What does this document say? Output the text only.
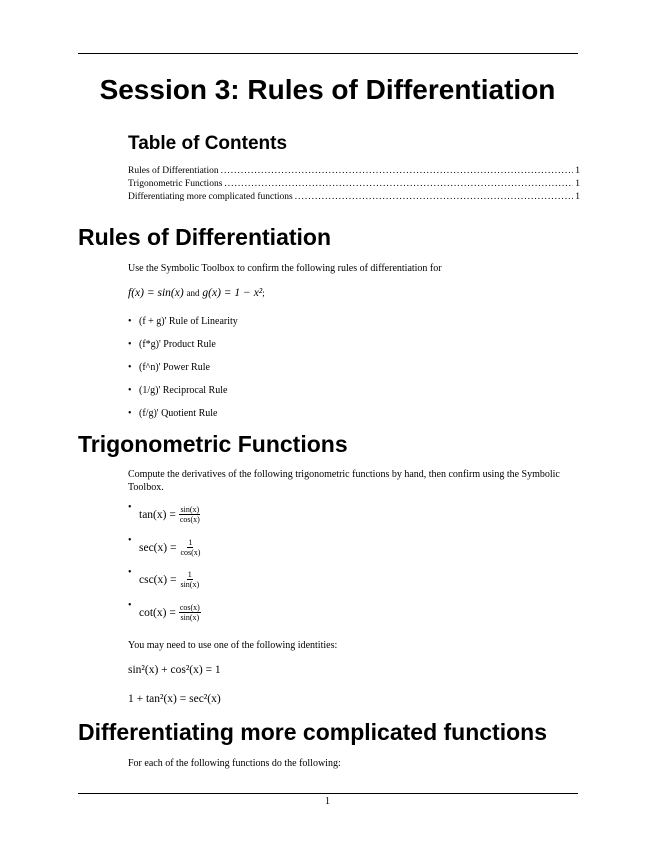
Session 3: Rules of Differentiation
Table of Contents
Rules of Differentiation .....	1
Trigonometric Functions .....	1
Differentiating more complicated functions .....	1
Rules of Differentiation
Use the Symbolic Toolbox to confirm the following rules of differentiation for
f(x) = sin(x) and g(x) = 1 − x²;
• (f + g)' Rule of Linearity
• (f*g)' Product Rule
• (f^n)' Power Rule
• (1/g)' Reciprocal Rule
• (f/g)' Quotient Rule
Trigonometric Functions
Compute the derivatives of the following trigonometric functions by hand, then confirm using the Symbolic Toolbox.
•
$\tan(x) = \frac{\sin(x)}{\cos(x)}$
•
$\sec(x) = \frac{1}{\cos(x)}$
•
$\csc(x) = \frac{1}{\sin(x)}$
•
$\cot(x) = \frac{\cos(x)}{\sin(x)}$
You may need to use one of the following identities:
sin²(x) + cos²(x) = 1
1 + tan²(x) = sec²(x)
Differentiating more complicated functions
For each of the following functions do the following:
1
